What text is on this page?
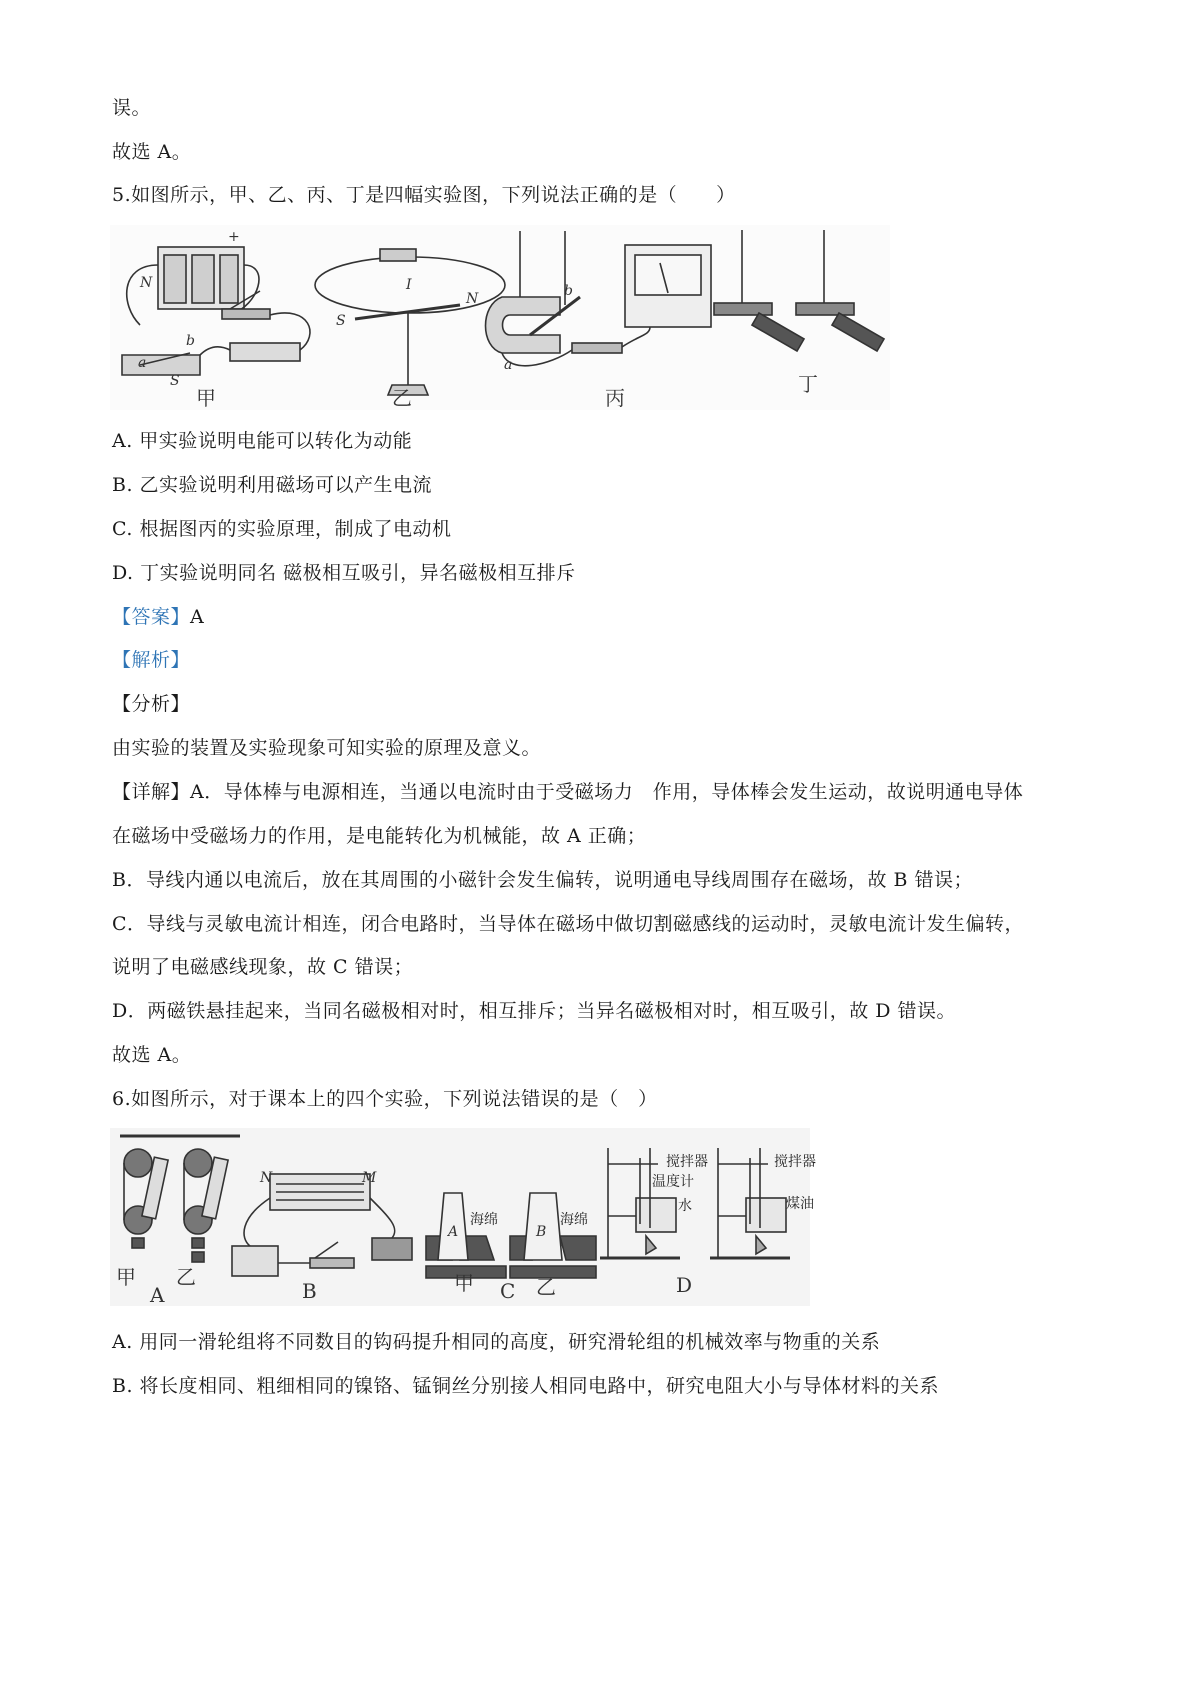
误。
故选 A。
5.如图所示，甲、乙、丙、丁是四幅实验图，下列说法正确的是（　　）
N
b
a
S
+
I
S
N	b
a
甲	乙	丙
丁
A. 甲实验说明电能可以转化为动能
B. 乙实验说明利用磁场可以产生电流
C. 根据图丙的实验原理，制成了电动机
D. 丁实验说明同名 磁极相互吸引，异名磁极相互排斥
【答案】A
【解析】
【分析】
由实验的装置及实验现象可知实验的原理及意义。
【详解】A．导体棒与电源相连，当通以电流时由于受磁场力　作用，导体棒会发生运动，故说明通电导体
在磁场中受磁场力的作用，是电能转化为机械能，故 A 正确；
B．导线内通以电流后，放在其周围的小磁针会发生偏转，说明通电导线周围存在磁场，故 B 错误；
C．导线与灵敏电流计相连，闭合电路时，当导体在磁场中做切割磁感线的运动时，灵敏电流计发生偏转，
说明了电磁感线现象，故 C 错误；
D．两磁铁悬挂起来，当同名磁极相对时，相互排斥；当异名磁极相对时，相互吸引，故 D 错误。
故选 A。
6.如图所示，对于课本上的四个实验，下列说法错误的是（　）
N	M
A	B
海绵	海绵
搅拌器
温度计
水
搅拌器
煤油
甲 乙
A	B	甲	乙
C	D
A. 用同一滑轮组将不同数目的钩码提升相同的高度，研究滑轮组的机械效率与物重的关系
B. 将长度相同、粗细相同的镍铬、锰铜丝分别接人相同电路中，研究电阻大小与导体材料的关系
